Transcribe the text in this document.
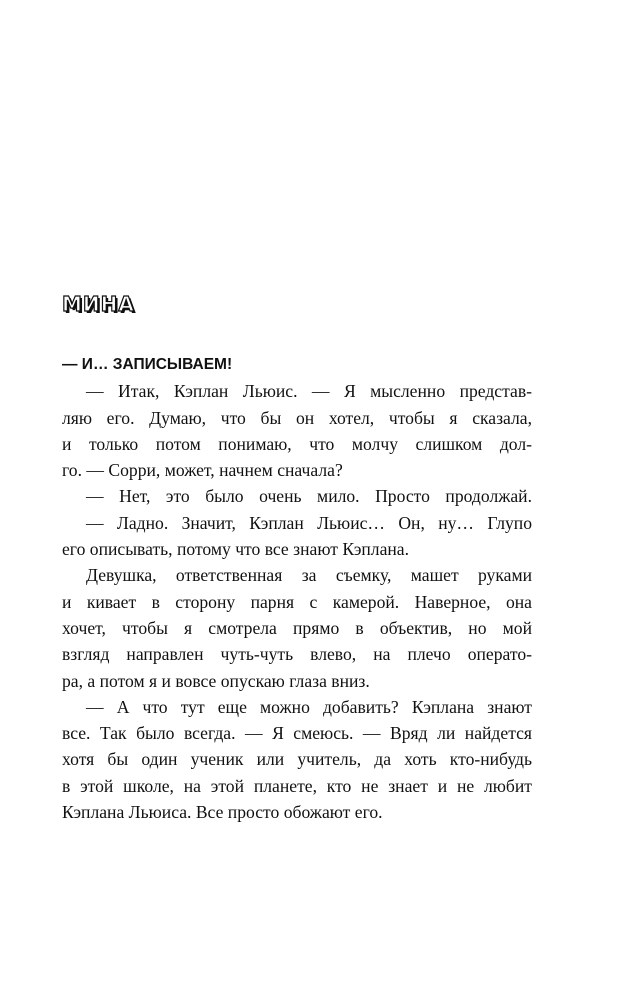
МИНА
— И… ЗАПИСЫВАЕМ!
— Итак, Кэплан Льюис. — Я мысленно представ-
ляю его. Думаю, что бы он хотел, чтобы я сказала,
и только потом понимаю, что молчу слишком дол-
го. — Сорри, может, начнем сначала?
— Нет, это было очень мило. Просто продолжай.
— Ладно. Значит, Кэплан Льюис… Он, ну… Глупо
его описывать, потому что все знают Кэплана.
Девушка, ответственная за съемку, машет руками
и кивает в сторону парня с камерой. Наверное, она
хочет, чтобы я смотрела прямо в объектив, но мой
взгляд направлен чуть-чуть влево, на плечо операто-
ра, а потом я и вовсе опускаю глаза вниз.
— А что тут еще можно добавить? Кэплана знают
все. Так было всегда. — Я смеюсь. — Вряд ли найдется
хотя бы один ученик или учитель, да хоть кто-нибудь
в этой школе, на этой планете, кто не знает и не любит
Кэплана Льюиса. Все просто обожают его.
